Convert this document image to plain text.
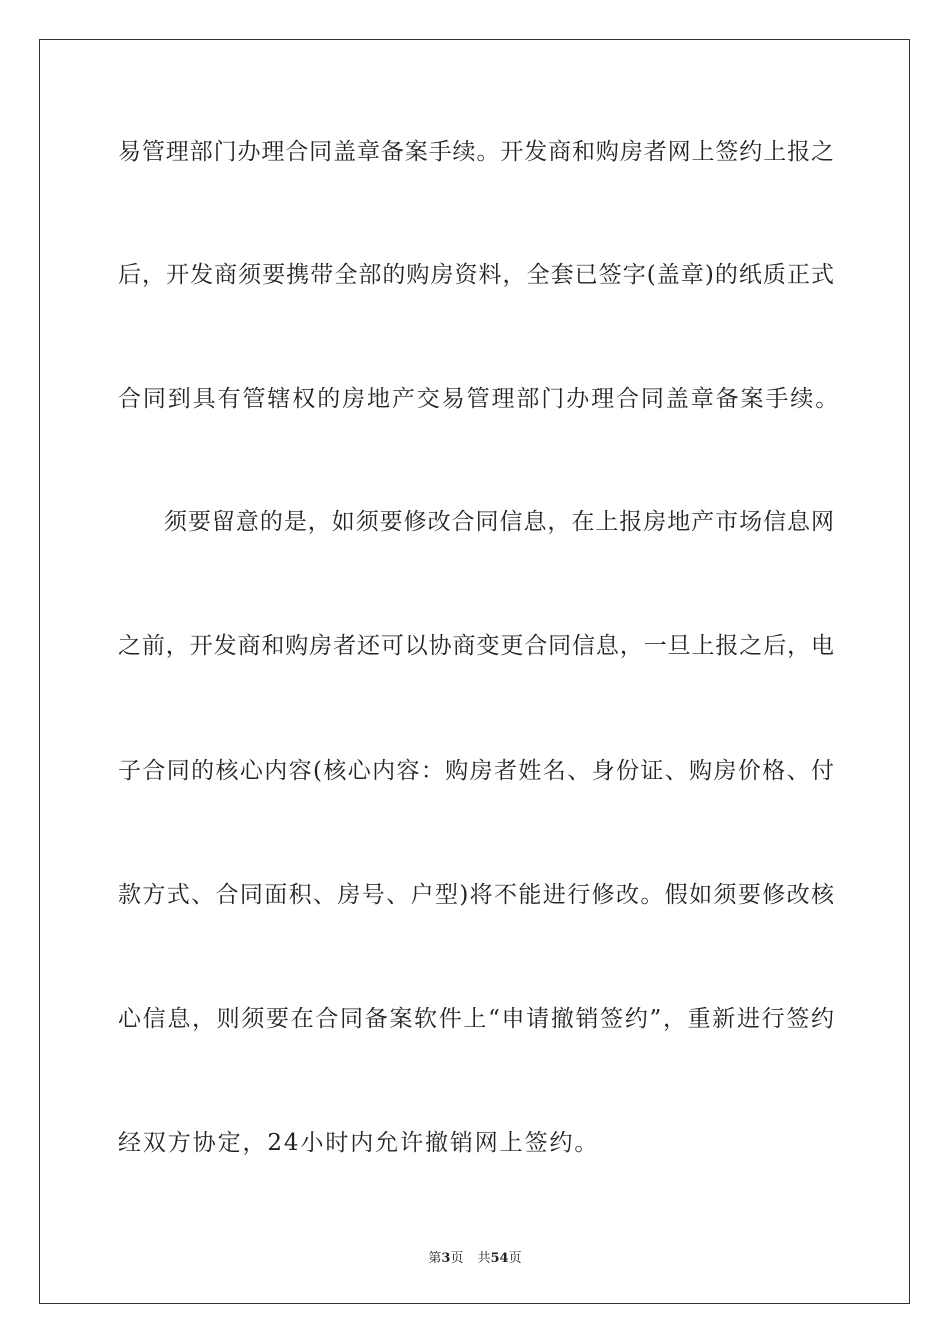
易管理部门办理合同盖章备案手续。开发商和购房者网上签约上报之
后，开发商须要携带全部的购房资料，全套已签字(盖章)的纸质正式
合同到具有管辖权的房地产交易管理部门办理合同盖章备案手续。
须要留意的是，如须要修改合同信息，在上报房地产市场信息网
之前，开发商和购房者还可以协商变更合同信息，一旦上报之后，电
子合同的核心内容(核心内容：购房者姓名、身份证、购房价格、付
款方式、合同面积、房号、户型)将不能进行修改。假如须要修改核
心信息，则须要在合同备案软件上“申请撤销签约”，重新进行签约
经双方协定，24小时内允许撤销网上签约。
第3页 共54页
